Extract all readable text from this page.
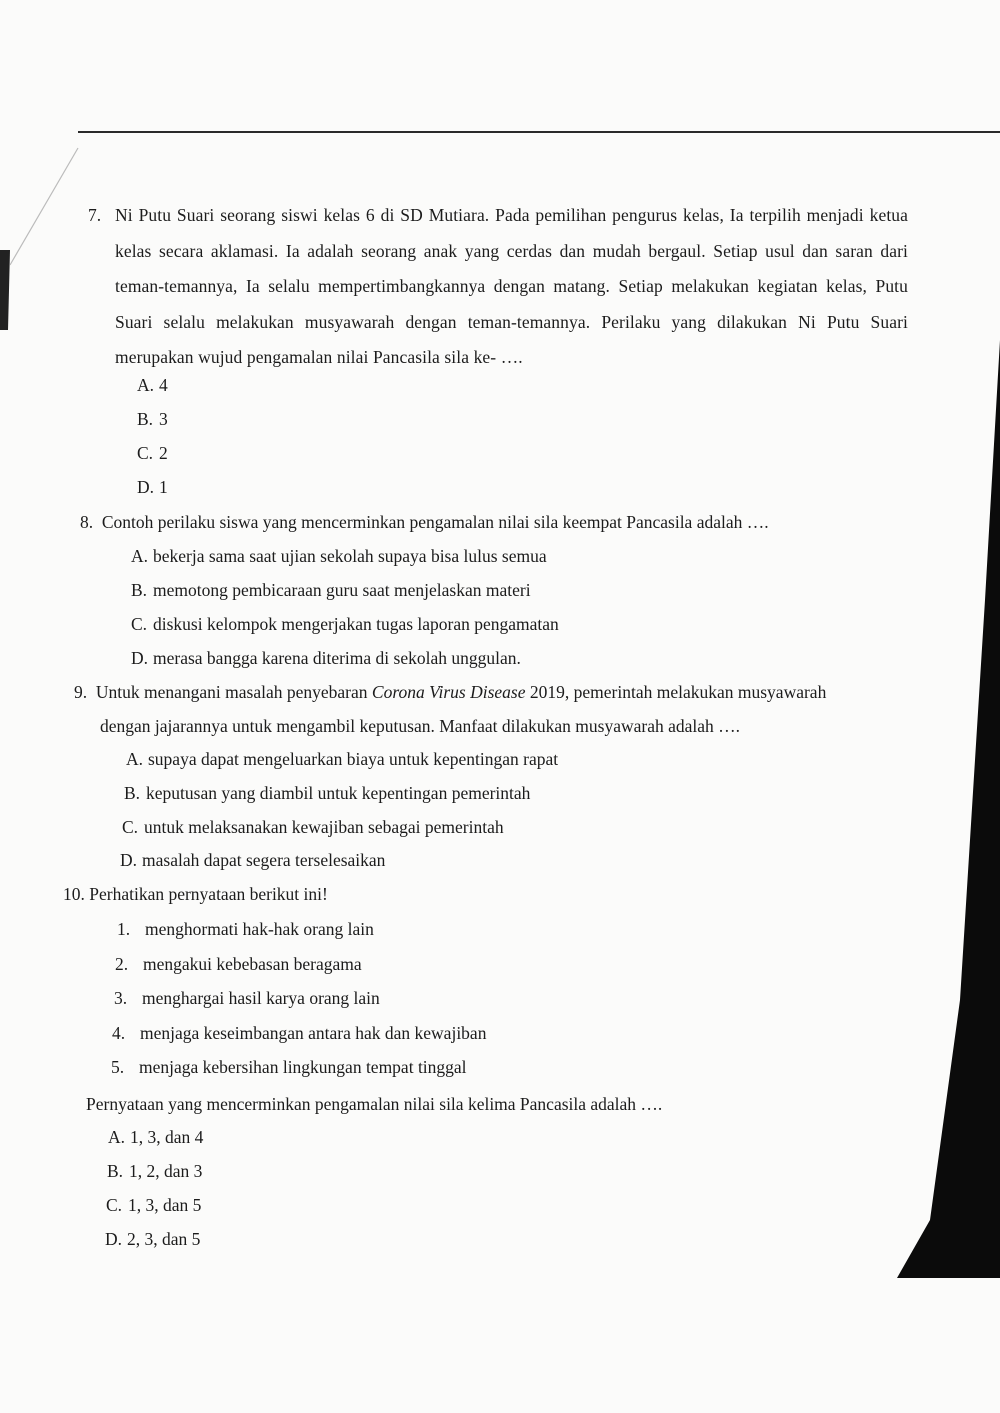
7. Ni Putu Suari seorang siswi kelas 6 di SD Mutiara. Pada pemilihan pengurus kelas, Ia terpilih menjadi ketua kelas secara aklamasi. Ia adalah seorang anak yang cerdas dan mudah bergaul. Setiap usul dan saran dari teman-temannya, Ia selalu mempertimbangkannya dengan matang. Setiap melakukan kegiatan kelas, Putu Suari selalu melakukan musyawarah dengan teman-temannya. Perilaku yang dilakukan Ni Putu Suari merupakan wujud pengamalan nilai Pancasila sila ke- ….
A. 4
B. 3
C. 2
D. 1
8. Contoh perilaku siswa yang mencerminkan pengamalan nilai sila keempat Pancasila adalah ….
A. bekerja sama saat ujian sekolah supaya bisa lulus semua
B. memotong pembicaraan guru saat menjelaskan materi
C. diskusi kelompok mengerjakan tugas laporan pengamatan
D. merasa bangga karena diterima di sekolah unggulan.
9. Untuk menangani masalah penyebaran Corona Virus Disease 2019, pemerintah melakukan musyawarah
dengan jajarannya untuk mengambil keputusan. Manfaat dilakukan musyawarah adalah ….
A. supaya dapat mengeluarkan biaya untuk kepentingan rapat
B. keputusan yang diambil untuk kepentingan pemerintah
C. untuk melaksanakan kewajiban sebagai pemerintah
D. masalah dapat segera terselesaikan
10. Perhatikan pernyataan berikut ini!
1. menghormati hak-hak orang lain
2. mengakui kebebasan beragama
3. menghargai hasil karya orang lain
4. menjaga keseimbangan antara hak dan kewajiban
5. menjaga kebersihan lingkungan tempat tinggal
Pernyataan yang mencerminkan pengamalan nilai sila kelima Pancasila adalah ….
A. 1, 3, dan 4
B. 1, 2, dan 3
C. 1, 3, dan 5
D. 2, 3, dan 5
